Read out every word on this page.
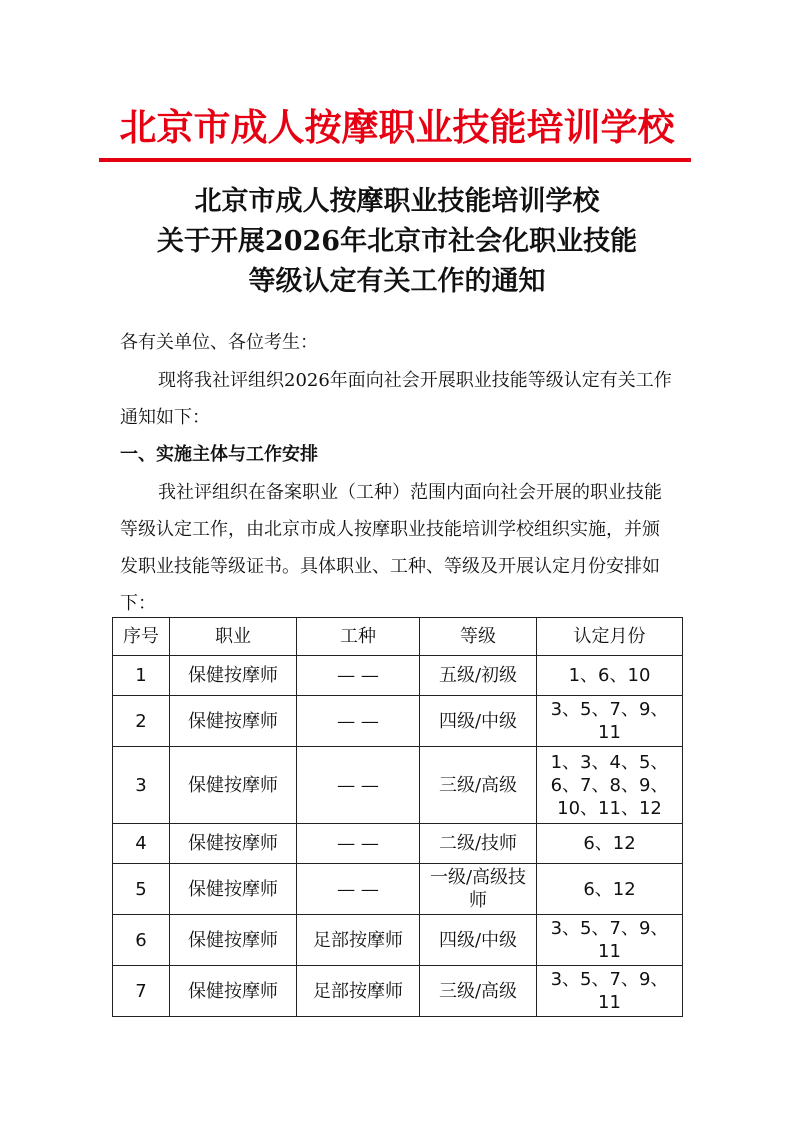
北京市成人按摩职业技能培训学校
北京市成人按摩职业技能培训学校
关于开展2026年北京市社会化职业技能
等级认定有关工作的通知
各有关单位、各位考生：
现将我社评组织2026年面向社会开展职业技能等级认定有关工作通知如下：
一、实施主体与工作安排
我社评组织在备案职业（工种）范围内面向社会开展的职业技能等级认定工作，由北京市成人按摩职业技能培训学校组织实施，并颁发职业技能等级证书。具体职业、工种、等级及开展认定月份安排如下：
序号	职业	工种	等级	认定月份
1	保健按摩师	— —	五级/初级	1、6、10
2	保健按摩师	— —	四级/中级	3、5、7、9、11
3	保健按摩师	— —	三级/高级	1、3、4、5、6、7、8、9、10、11、12
4	保健按摩师	— —	二级/技师	6、12
5	保健按摩师	— —	一级/高级技师	6、12
6	保健按摩师	足部按摩师	四级/中级	3、5、7、9、11
7	保健按摩师	足部按摩师	三级/高级	3、5、7、9、11
